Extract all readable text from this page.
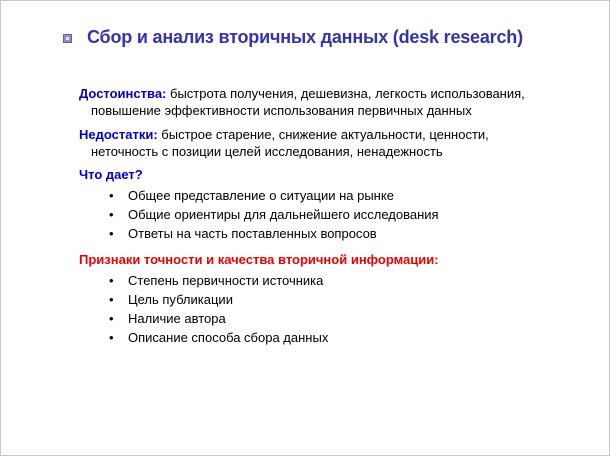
Сбор и анализ вторичных данных (desk research)

Достоинства: быстрота получения, дешевизна, легкость использования, повышение эффективности использования первичных данных

Недостатки: быстрое старение, снижение актуальности, ценности, неточность с позиции целей исследования, ненадежность

Что дает?
• Общее представление о ситуации на рынке
• Общие ориентиры для дальнейшего исследования
• Ответы на часть поставленных вопросов
Признаки точности и качества вторичной информации:
• Степень первичности источника
• Цель публикации
• Наличие автора
• Описание способа сбора данных
